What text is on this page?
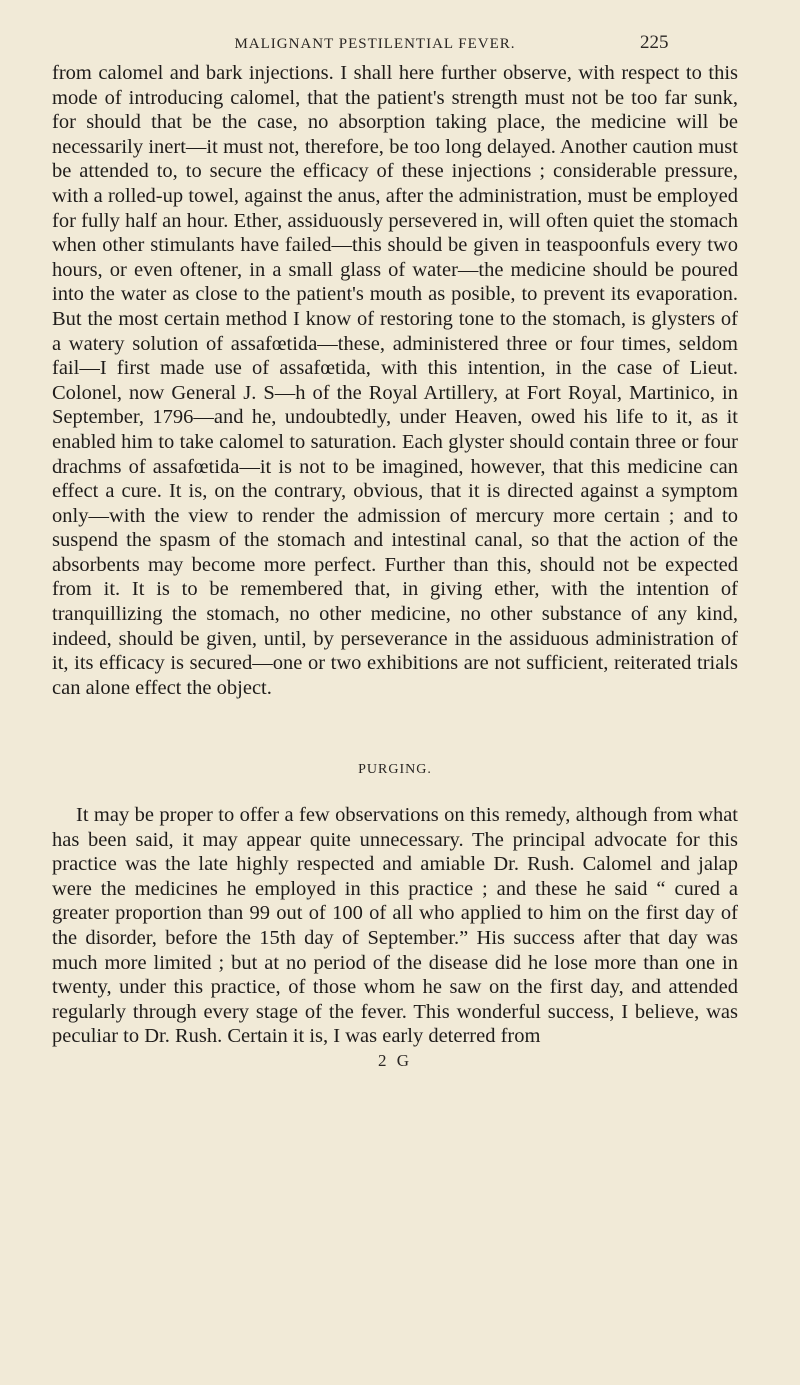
MALIGNANT PESTILENTIAL FEVER.	225

from calomel and bark injections. I shall here further observe, with respect to this mode of introducing calomel, that the patient's strength must not be too far sunk, for should that be the case, no absorption taking place, the medicine will be necessarily inert—it must not, therefore, be too long delayed. Another caution must be attended to, to secure the efficacy of these injections ; considerable pressure, with a rolled-up towel, against the anus, after the administration, must be employed for fully half an hour. Ether, assiduously persevered in, will often quiet the stomach when other stimulants have failed—this should be given in teaspoonfuls every two hours, or even oftener, in a small glass of water—the medicine should be poured into the water as close to the patient's mouth as posible, to prevent its evaporation. But the most certain method I know of restoring tone to the stomach, is glysters of a watery solution of assafœtida—these, administered three or four times, seldom fail—I first made use of assafœtida, with this intention, in the case of Lieut. Colonel, now General J. S—h of the Royal Artillery, at Fort Royal, Martinico, in September, 1796—and he, undoubtedly, under Heaven, owed his life to it, as it enabled him to take calomel to saturation. Each glyster should contain three or four drachms of assafœtida—it is not to be imagined, however, that this medicine can effect a cure. It is, on the contrary, obvious, that it is directed against a symptom only—with the view to render the admission of mercury more certain ; and to suspend the spasm of the stomach and intestinal canal, so that the action of the absorbents may become more perfect. Further than this, should not be expected from it. It is to be remembered that, in giving ether, with the intention of tranquillizing the stomach, no other medicine, no other substance of any kind, indeed, should be given, until, by perseverance in the assiduous administration of it, its efficacy is secured—one or two exhibitions are not sufficient, reiterated trials can alone effect the object.

PURGING.

It may be proper to offer a few observations on this remedy, although from what has been said, it may appear quite unnecessary. The principal advocate for this practice was the late highly respected and amiable Dr. Rush. Calomel and jalap were the medicines he employed in this practice ; and these he said “ cured a greater proportion than 99 out of 100 of all who applied to him on the first day of the disorder, before the 15th day of September.” His success after that day was much more limited ; but at no period of the disease did he lose more than one in twenty, under this practice, of those whom he saw on the first day, and attended regularly through every stage of the fever. This wonderful success, I believe, was peculiar to Dr. Rush. Certain it is, I was early deterred from

2 G
